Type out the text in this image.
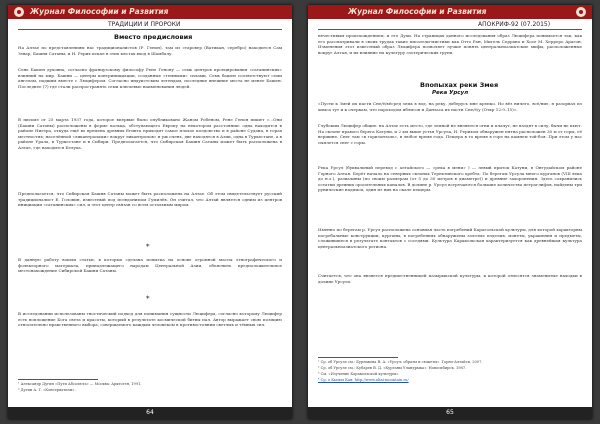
Журнал Философии и Развития
ТРАДИЦИИ И ПРОРОКИ
Вместо предисловия

На Алтае по представлениям нас традиционалистов (Р. Генон), там из старовер (Ватикан, серебро) находится Сам Зевар, Башня Сатаны, и Н. Рерих искал в этих местах вход в Шамбалу.

Сень Башен духовна, согласно французскому философу Рене Генону — семь центров проецирования «сатанинских» влияний на мир. Башни — центры контринициации, созданные «темными» силами. Семь башен соответствуют семи ангелам, падшим вместе с Люцифером. Согласно индуистским легендам, последние внешние места не менее Башен. Последнее (7) где стали распространять семи ключевые наименования людей.

В письме от 25 марта 1937 года, которое впервые было опубликовано Жаном Робеном, Рене Генон пишет «...Они (Башни Сатаны) расположены в форме кольца, обступающего Европу на некотором расстоянии: одна находится в районе Нигера, откуда ещё во времена древних Египта приходит самое плохое колдовство и в районе Судана, в горах местностях; населённой «ликантропами» вокруг ликантропов» и уж очень, две находятся в Азии, одна в Туркестане, а в районе Урала, в Туркестане и в Сибири. Предполагается, что Сибирская Башня Сатаны может быть расположена в Алтае, где находится Белуха.

Предполагается, что Сибирская Башня Сатаны может быть расположена на Алтае. Об этом свидетельствует русский традиционалист Е. Головин, известный под псевдонимом Гумилёв. Он считал, что Алтай является одним из центров инициации «сатанинских» сил, и этот центр связан со всем остальным миром.

*

В данную работу вошли статьи, в которых сделана попытка на основе огромной массы этнографического и фольклорного материала, принадлежащего народам Центральной Азии, объяснить предположительное местонахождение Сибирской Башни Сатаны.

*

В исследовании использованы гностический подход для понимания сущности Люцифера, согласно которому Люцифер есть воплощение Бога света и красоты, который в результате космической битвы пал. Автор выражает свою позицию относительно нравственного выбора, совершаемого каждым человеком в противостоянии светлых и тёмных сил.

¹ Александр Дугин «Пути Абсолюта» — Москва: Арктогея, 1991.

² Дугин А. Г. «Консерватизм».

64
Журнал Философии и Развития
АПОКРИФ-92 (07.2015)

нечестивым происхождением, и его Духи. На страницах данного исследования образ Люцифера понимается так, как его рассматривали в своих трудах такие писатели-мистики как Отто Ран, Мигель Серрано и Хосе М. Херреро Арагон. Изменения этот известный образ Люцифера позволяет лучше понять центральноазиатские мифы, расположенные вокруг Алтая, и их влияние на культуру эзотерических групп.

Впопыхах реки Змея
Река Урсул

«Пусти к Змей их пасти Сне/ё/вёсред земь в вод, на реку, доберусь мне крепко. Но вёз ничего, всё/ние, я разорвал из химса тут и к очеркам, что пароходом иблисов и Данзаса их пасти Сне/ё/у (Откр 12:9–15)».

Глубоким Люцифер общие: на Алтае есть место, где земной не являются огни и плачут, не взодят в силу, бычи не пьют. На склоне правого берега Катуни, и 2 км выше устья Урсула, Н. Рерихом обнаружен пятна расположен 30 м от горы, её вершине. Снег там «в горизонталь», в любое время года. Пещера в то время в горе на камнем той-боя. При этом у нас сыплется снег с горы.

Река Урсул (буквальный перевод с алтайского — «река в мени» ) — левый приток Катуни, в Онгудайском районе Горного Алтая. Берёт начало на северных склонах Теректинского хребта. По берегам Урсула много курганов (VIII века до н.э.), развалины (по своим размерам (от 5 до 30 метров в диаметре)) и древние захоронения. Здесь сохранились остатки древних оросительных каналов. В долине р. Урсул встречаются большие количества петроглифов, найдены три рунические надписи, один из них на скале пещеры.

Именно по берегам р. Урсул расположена основная часть погребений Карагольской культуры, для которой характерны погребальные конструкции, курганы, в погребениях обнаружены золотые изделия, монеты, украшения и предметы, сложившиеся в результате контактов с соседями. Культура Каракольская характеризуется как древнейшая культура центральноазиатского региона.

Считается, что она является предшественницей пазырыкской культуры, к которой относятся знаменитые находки в долине Урсула.

¹ Ср. об Урсуле см.: Бурнакова В. А. «Урсул: образы и сюжеты». Горно-Алтайск, 2007.

² Ср. об Урсуле см.: Кубарев В. Д. «Курганы Уландрыка». Новосибирск, 1987.

³ См. «Изучение Каракольской культуры».

⁴ Ср. о Кызыл Кая: http://www.altai-mountain.ru/

65
